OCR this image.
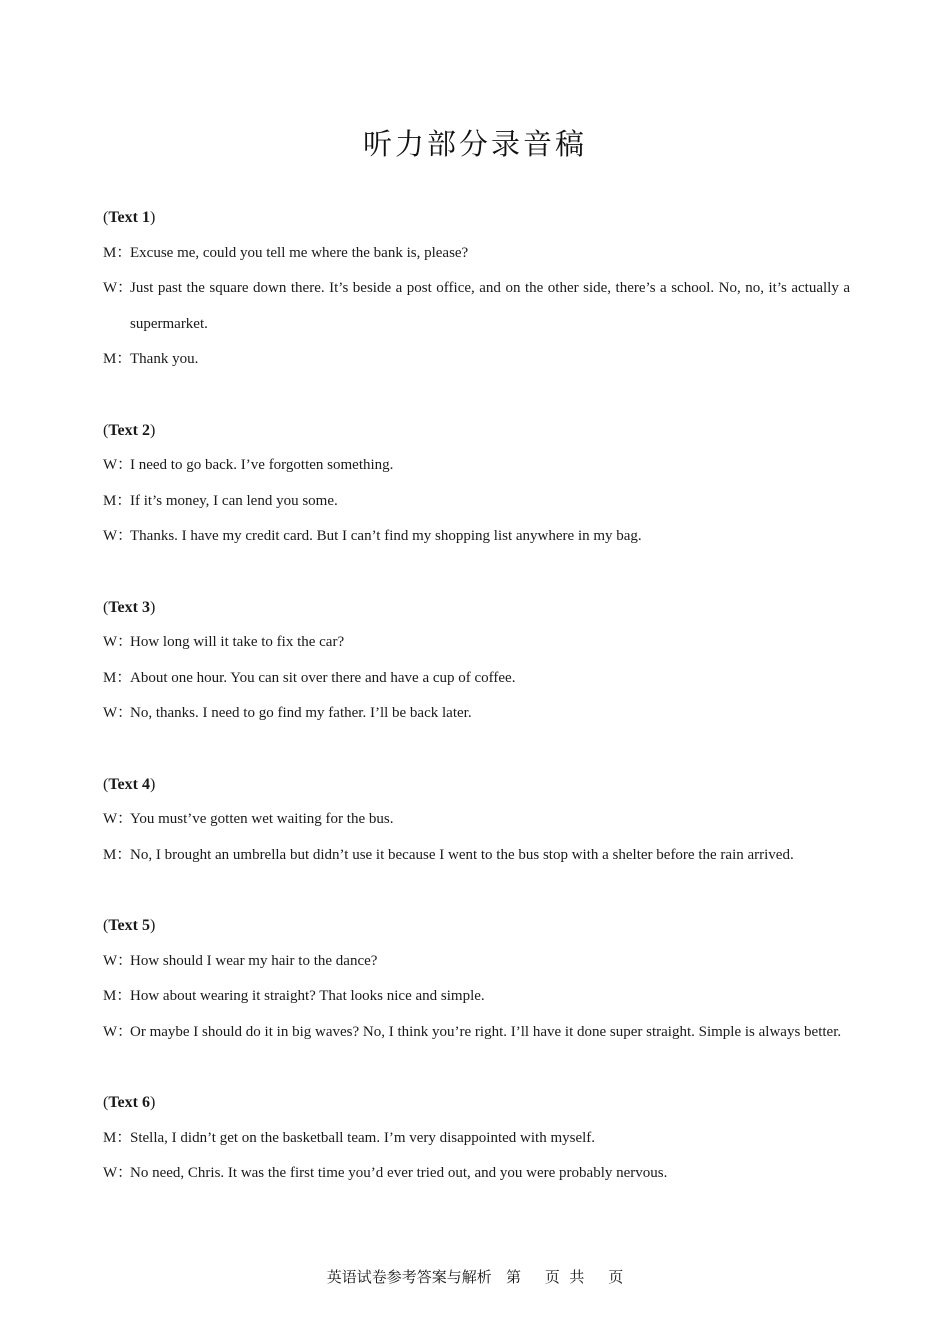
听力部分录音稿
(Text 1)
M：Excuse me, could you tell me where the bank is, please?
W：Just past the square down there. It’s beside a post office, and on the other side, there’s a school. No, no, it’s actually a supermarket.
M：Thank you.
(Text 2)
W：I need to go back. I’ve forgotten something.
M：If it’s money, I can lend you some.
W：Thanks. I have my credit card. But I can’t find my shopping list anywhere in my bag.
(Text 3)
W：How long will it take to fix the car?
M：About one hour. You can sit over there and have a cup of coffee.
W：No, thanks. I need to go find my father. I’ll be back later.
(Text 4)
W：You must’ve gotten wet waiting for the bus.
M：No, I brought an umbrella but didn’t use it because I went to the bus stop with a shelter before the rain arrived.
(Text 5)
W：How should I wear my hair to the dance?
M：How about wearing it straight? That looks nice and simple.
W：Or maybe I should do it in big waves? No, I think you’re right. I’ll have it done super straight. Simple is always better.
(Text 6)
M：Stella, I didn’t get on the basketball team. I’m very disappointed with myself.
W：No need, Chris. It was the first time you’d ever tried out, and you were probably nervous.
英语试卷参考答案与解析   第     页  共     页
